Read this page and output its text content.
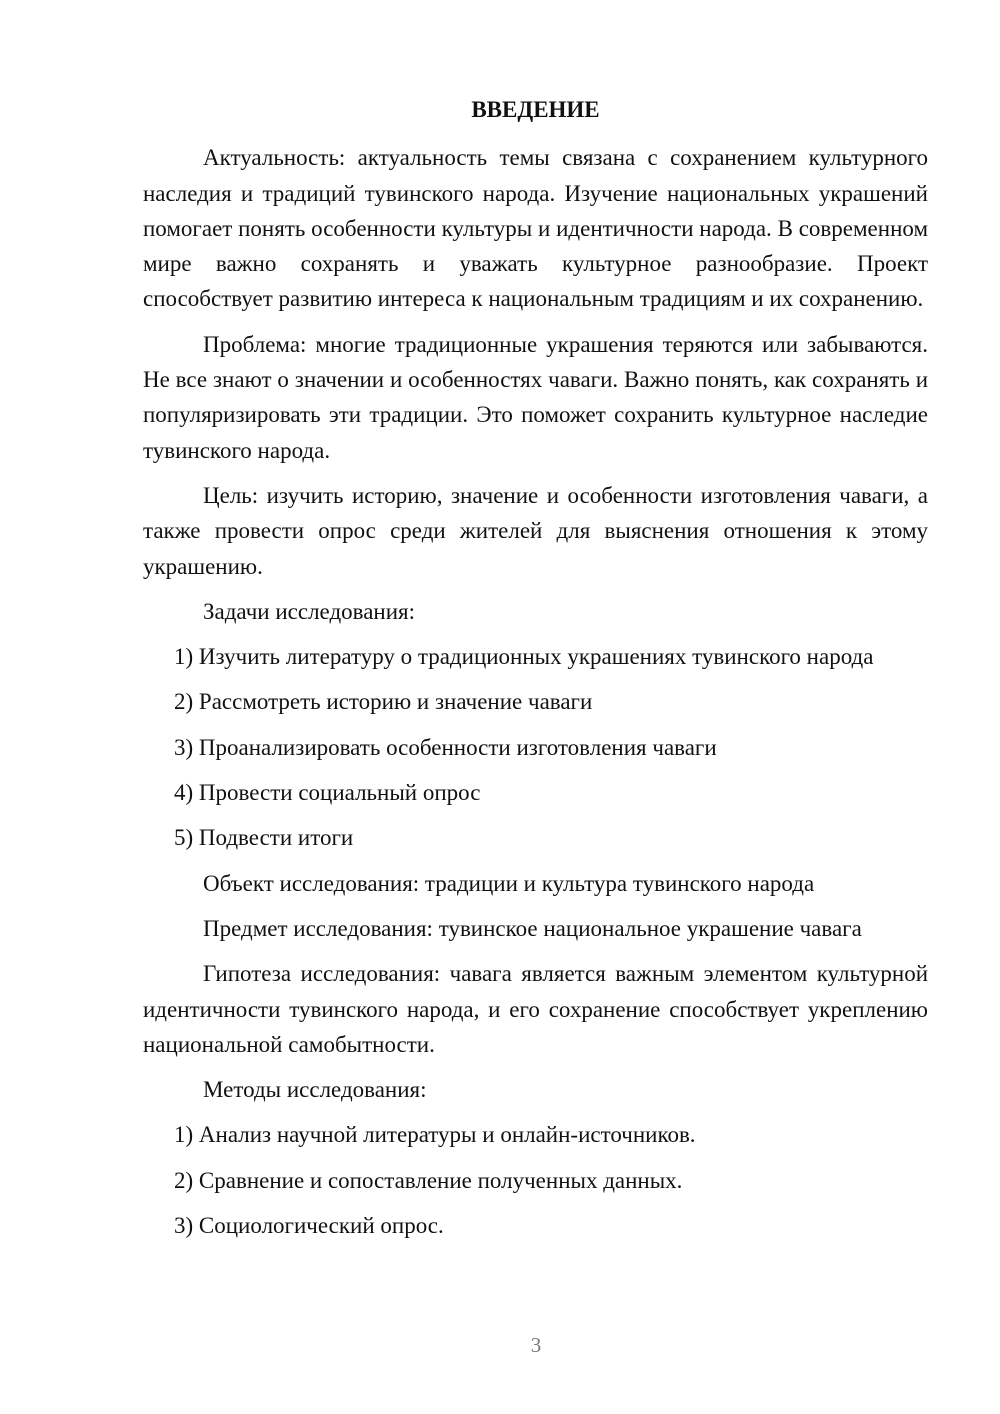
ВВЕДЕНИЕ
Актуальность: актуальность темы связана с сохранением культурного наследия и традиций тувинского народа. Изучение национальных украшений помогает понять особенности культуры и идентичности народа. В современном мире важно сохранять и уважать культурное разнообразие. Проект способствует развитию интереса к национальным традициям и их сохранению.
Проблема: многие традиционные украшения теряются или забываются. Не все знают о значении и особенностях чаваги. Важно понять, как сохранять и популяризировать эти традиции. Это поможет сохранить культурное наследие тувинского народа.
Цель: изучить историю, значение и особенности изготовления чаваги, а также провести опрос среди жителей для выяснения отношения к этому украшению.
Задачи исследования:
1) Изучить литературу о традиционных украшениях тувинского народа
2) Рассмотреть историю и значение чаваги
3) Проанализировать особенности изготовления чаваги
4) Провести социальный опрос
5) Подвести итоги
Объект исследования: традиции и культура тувинского народа
Предмет исследования: тувинское национальное украшение чавага
Гипотеза исследования: чавага является важным элементом культурной идентичности тувинского народа, и его сохранение способствует укреплению национальной самобытности.
Методы исследования:
1) Анализ научной литературы и онлайн-источников.
2) Сравнение и сопоставление полученных данных.
3) Социологический опрос.
3
